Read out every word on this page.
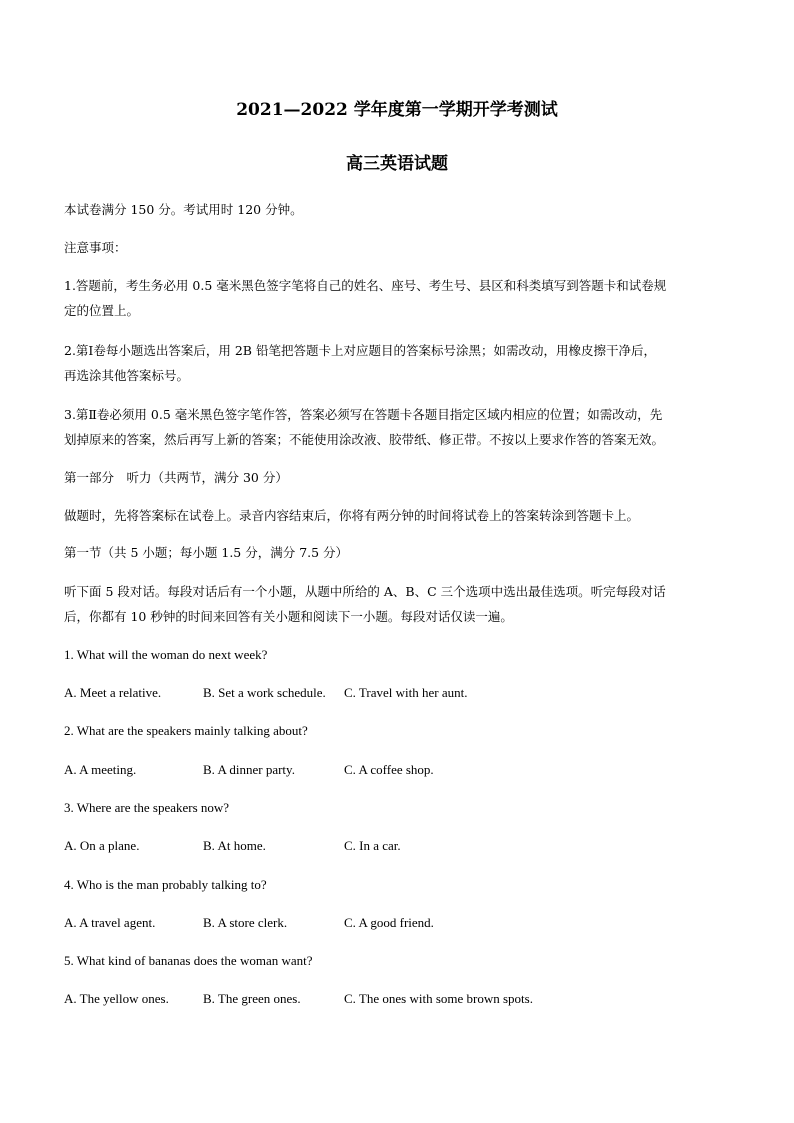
2021—2022 学年度第一学期开学考测试
高三英语试题
本试卷满分 150 分。考试用时 120 分钟。
注意事项：
1.答题前，考生务必用 0.5 毫米黑色签字笔将自己的姓名、座号、考生号、县区和科类填写到答题卡和试卷规
定的位置上。
2.第Ⅰ卷每小题选出答案后，用 2B 铅笔把答题卡上对应题目的答案标号涂黑；如需改动，用橡皮擦干净后，
再选涂其他答案标号。
3.第Ⅱ卷必须用 0.5 毫米黑色签字笔作答，答案必须写在答题卡各题目指定区域内相应的位置；如需改动，先
划掉原来的答案，然后再写上新的答案；不能使用涂改液、胶带纸、修正带。不按以上要求作答的答案无效。
第一部分　听力（共两节，满分 30 分）
做题时，先将答案标在试卷上。录音内容结束后，你将有两分钟的时间将试卷上的答案转涂到答题卡上。
第一节（共 5 小题；每小题 1.5 分，满分 7.5 分）
听下面 5 段对话。每段对话后有一个小题，从题中所给的 A、B、C 三个选项中选出最佳选项。听完每段对话
后，你都有 10 秒钟的时间来回答有关小题和阅读下一小题。每段对话仅读一遍。
1. What will the woman do next week?
A. Meet a relative.	B. Set a work schedule. C. Travel with her aunt.
2. What are the speakers mainly talking about?
A. A meeting.	B. A dinner party.	C. A coffee shop.
3. Where are the speakers now?
A. On a plane.	B. At home.	C. In a car.
4. Who is the man probably talking to?
A. A travel agent.	B. A store clerk.	C. A good friend.
5. What kind of bananas does the woman want?
A. The yellow ones.	B. The green ones.	C. The ones with some brown spots.
